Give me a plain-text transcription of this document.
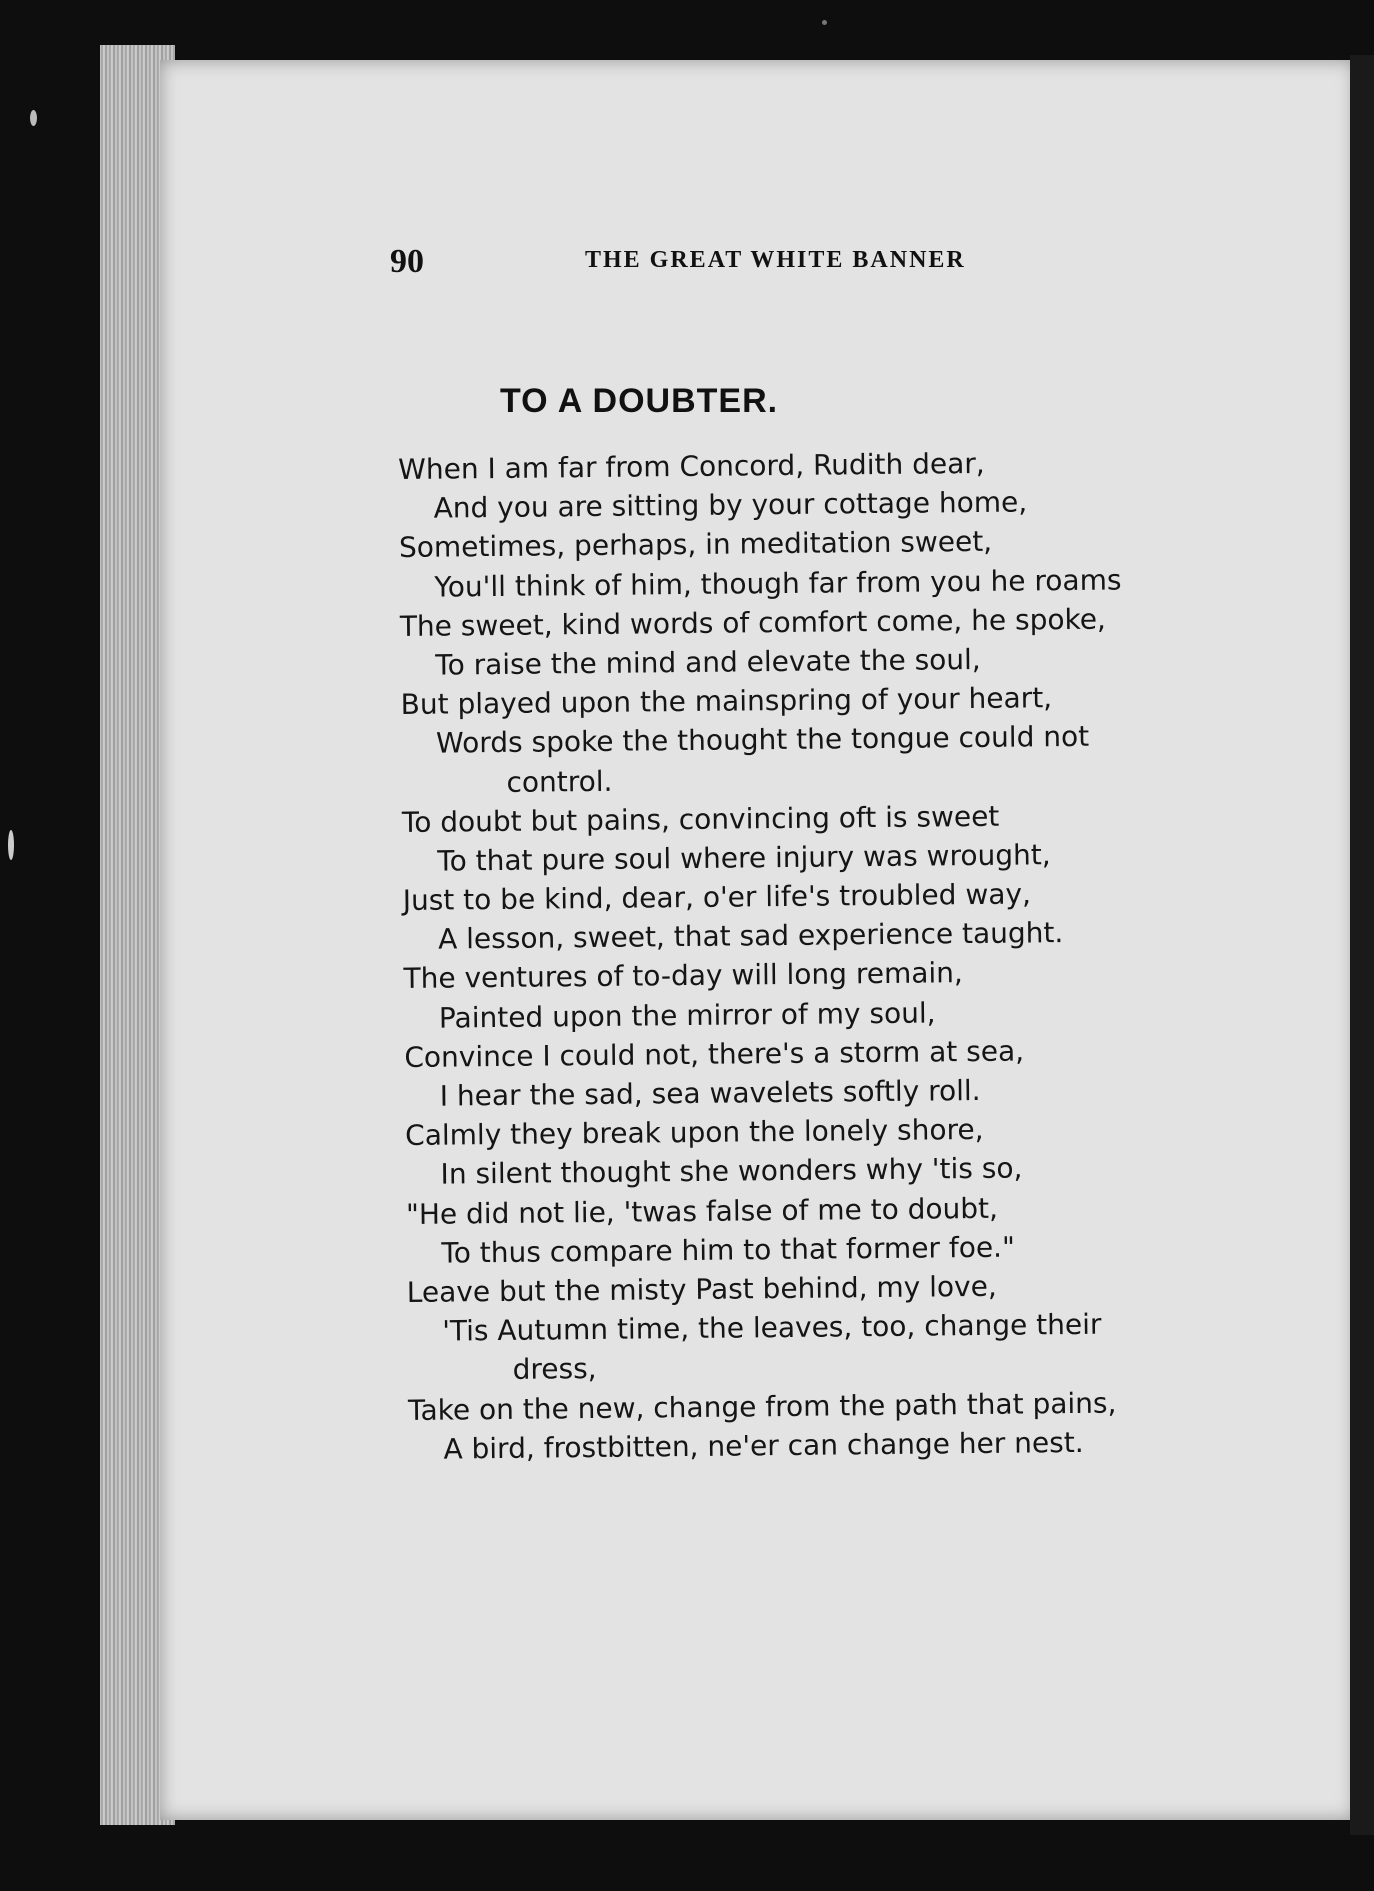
90	THE GREAT WHITE BANNER
TO A DOUBTER.
When I am far from Concord, Rudith dear,
And you are sitting by your cottage home,
Sometimes, perhaps, in meditation sweet,
You'll think of him, though far from you he roams
The sweet, kind words of comfort come, he spoke,
To raise the mind and elevate the soul,
But played upon the mainspring of your heart,
Words spoke the thought the tongue could not
control.
To doubt but pains, convincing oft is sweet
To that pure soul where injury was wrought,
Just to be kind, dear, o'er life's troubled way,
A lesson, sweet, that sad experience taught.
The ventures of to-day will long remain,
Painted upon the mirror of my soul,
Convince I could not, there's a storm at sea,
I hear the sad, sea wavelets softly roll.
Calmly they break upon the lonely shore,
In silent thought she wonders why 'tis so,
"He did not lie, 'twas false of me to doubt,
To thus compare him to that former foe."
Leave but the misty Past behind, my love,
'Tis Autumn time, the leaves, too, change their
dress,
Take on the new, change from the path that pains,
A bird, frostbitten, ne'er can change her nest.
